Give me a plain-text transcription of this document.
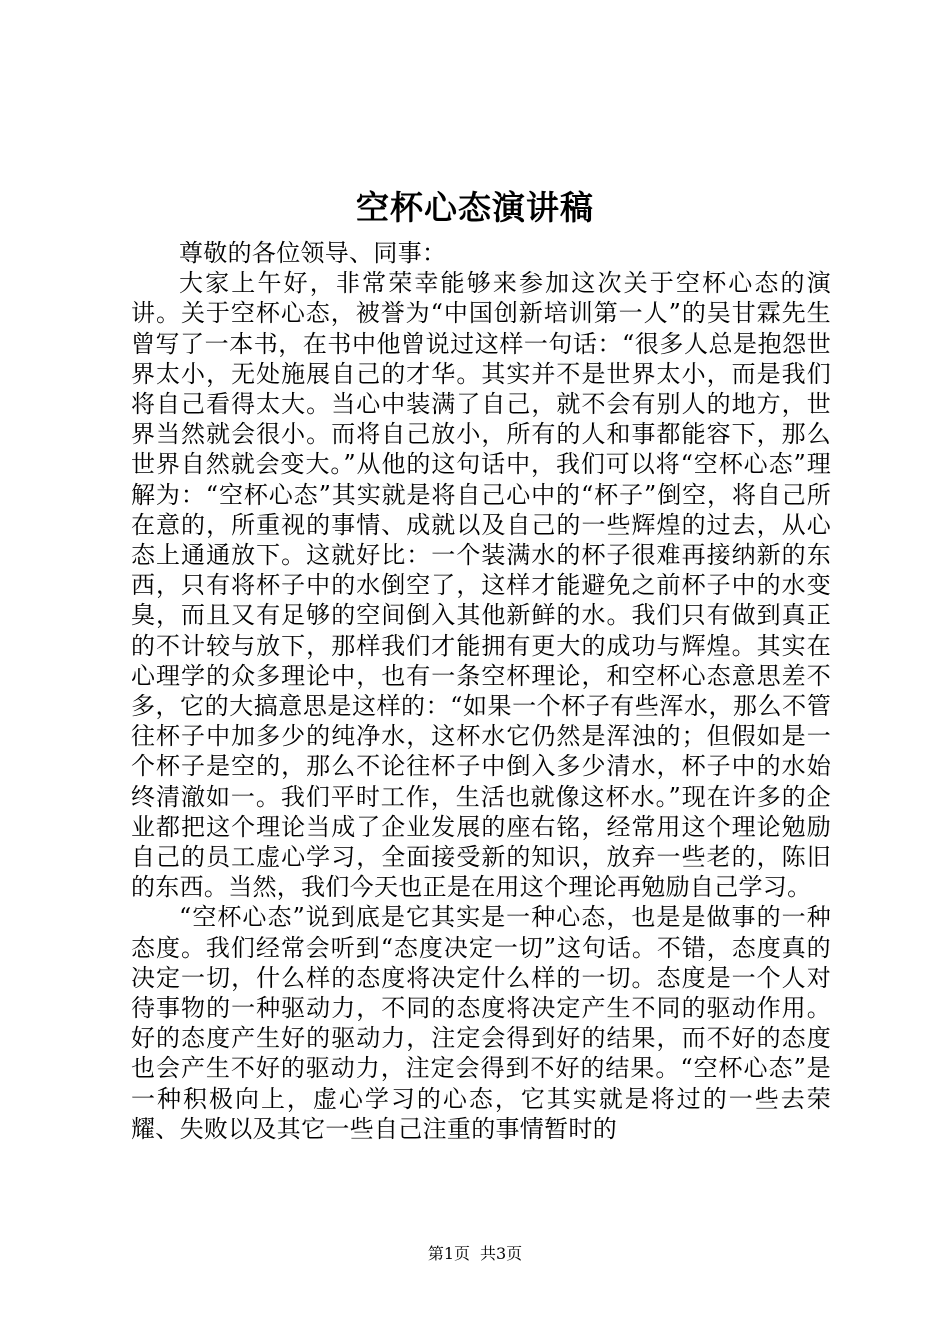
空杯心态演讲稿
尊敬的各位领导、同事：

大家上午好，非常荣幸能够来参加这次关于空杯心态的演讲。关于空杯心态，被誉为“中国创新培训第一人”的吴甘霖先生曾写了一本书，在书中他曾说过这样一句话：“很多人总是抱怨世界太小，无处施展自己的才华。其实并不是世界太小，而是我们将自己看得太大。当心中装满了自己，就不会有别人的地方，世界当然就会很小。而将自己放小，所有的人和事都能容下，那么世界自然就会变大。”从他的这句话中，我们可以将“空杯心态”理解为：“空杯心态”其实就是将自己心中的“杯子”倒空，将自己所在意的，所重视的事情、成就以及自己的一些辉煌的过去，从心态上通通放下。这就好比：一个装满水的杯子很难再接纳新的东西，只有将杯子中的水倒空了，这样才能避免之前杯子中的水变臭，而且又有足够的空间倒入其他新鲜的水。我们只有做到真正的不计较与放下，那样我们才能拥有更大的成功与辉煌。其实在心理学的众多理论中，也有一条空杯理论，和空杯心态意思差不多，它的大搞意思是这样的：“如果一个杯子有些浑水，那么不管往杯子中加多少的纯净水，这杯水它仍然是浑浊的；但假如是一个杯子是空的，那么不论往杯子中倒入多少清水，杯子中的水始终清澈如一。我们平时工作，生活也就像这杯水。”现在许多的企业都把这个理论当成了企业发展的座右铭，经常用这个理论勉励自己的员工虚心学习，全面接受新的知识，放弃一些老的，陈旧的东西。当然，我们今天也正是在用这个理论再勉励自己学习。

“空杯心态”说到底是它其实是一种心态，也是是做事的一种态度。我们经常会听到“态度决定一切”这句话。不错，态度真的决定一切，什么样的态度将决定什么样的一切。态度是一个人对待事物的一种驱动力，不同的态度将决定产生不同的驱动作用。好的态度产生好的驱动力，注定会得到好的结果，而不好的态度也会产生不好的驱动力，注定会得到不好的结果。“空杯心态”是一种积极向上，虚心学习的心态，它其实就是将过的一些去荣耀、失败以及其它一些自己注重的事情暂时的

第1页 共3页
